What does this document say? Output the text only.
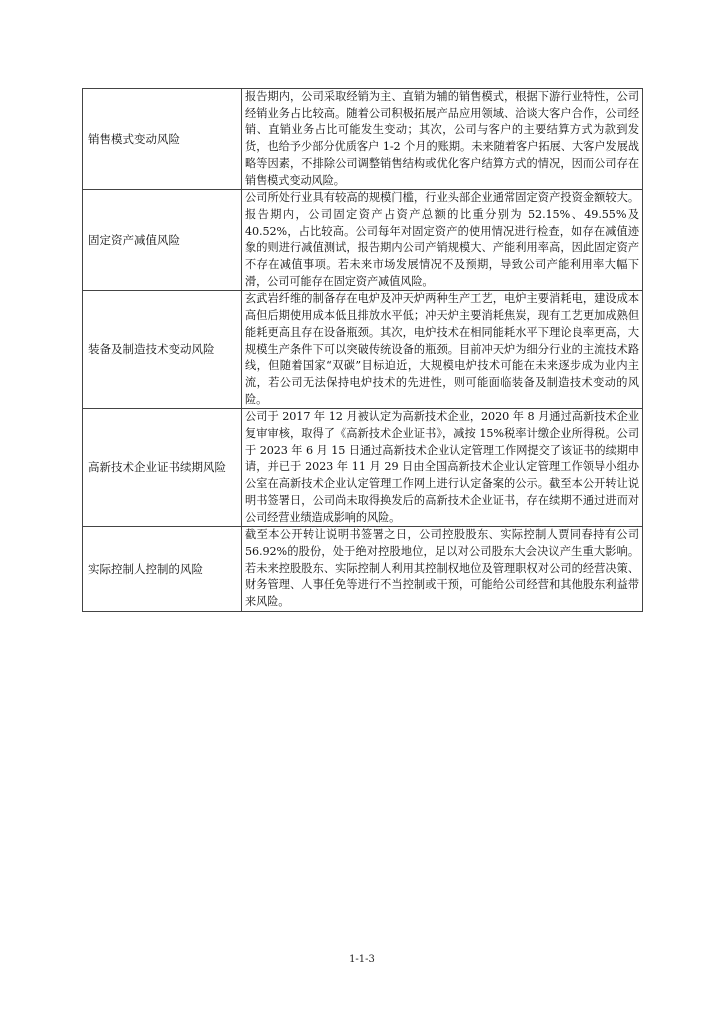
销售模式变动风险	报告期内，公司采取经销为主、直销为辅的销售模式，根据下游行业特性，公司经销业务占比较高。随着公司积极拓展产品应用领域、洽谈大客户合作，公司经销、直销业务占比可能发生变动；其次，公司与客户的主要结算方式为款到发货，也给予少部分优质客户 1-2 个月的账期。未来随着客户拓展、大客户发展战略等因素，不排除公司调整销售结构或优化客户结算方式的情况，因而公司存在销售模式变动风险。
固定资产减值风险	公司所处行业具有较高的规模门槛，行业头部企业通常固定资产投资金额较大。报告期内，公司固定资产占资产总额的比重分别为 52.15%、49.55%及 40.52%，占比较高。公司每年对固定资产的使用情况进行检查，如存在减值迹象的则进行减值测试，报告期内公司产销规模大、产能利用率高，因此固定资产不存在减值事项。若未来市场发展情况不及预期，导致公司产能利用率大幅下滑，公司可能存在固定资产减值风险。
装备及制造技术变动风险	玄武岩纤维的制备存在电炉及冲天炉两种生产工艺，电炉主要消耗电，建设成本高但后期使用成本低且排放水平低；冲天炉主要消耗焦炭，现有工艺更加成熟但能耗更高且存在设备瓶颈。其次，电炉技术在相同能耗水平下理论良率更高，大规模生产条件下可以突破传统设备的瓶颈。目前冲天炉为细分行业的主流技术路线，但随着国家“双碳”目标迫近，大规模电炉技术可能在未来逐步成为业内主流，若公司无法保持电炉技术的先进性，则可能面临装备及制造技术变动的风险。
高新技术企业证书续期风险	公司于 2017 年 12 月被认定为高新技术企业，2020 年 8 月通过高新技术企业复审审核，取得了《高新技术企业证书》，减按 15%税率计缴企业所得税。公司于 2023 年 6 月 15 日通过高新技术企业认定管理工作网提交了该证书的续期申请，并已于 2023 年 11 月 29 日由全国高新技术企业认定管理工作领导小组办公室在高新技术企业认定管理工作网上进行认定备案的公示。截至本公开转让说明书签署日，公司尚未取得换发后的高新技术企业证书，存在续期不通过进而对公司经营业绩造成影响的风险。
实际控制人控制的风险	截至本公开转让说明书签署之日，公司控股股东、实际控制人贾同春持有公司 56.92%的股份，处于绝对控股地位，足以对公司股东大会决议产生重大影响。若未来控股股东、实际控制人利用其控制权地位及管理职权对公司的经营决策、财务管理、人事任免等进行不当控制或干预，可能给公司经营和其他股东利益带来风险。
1-1-3
